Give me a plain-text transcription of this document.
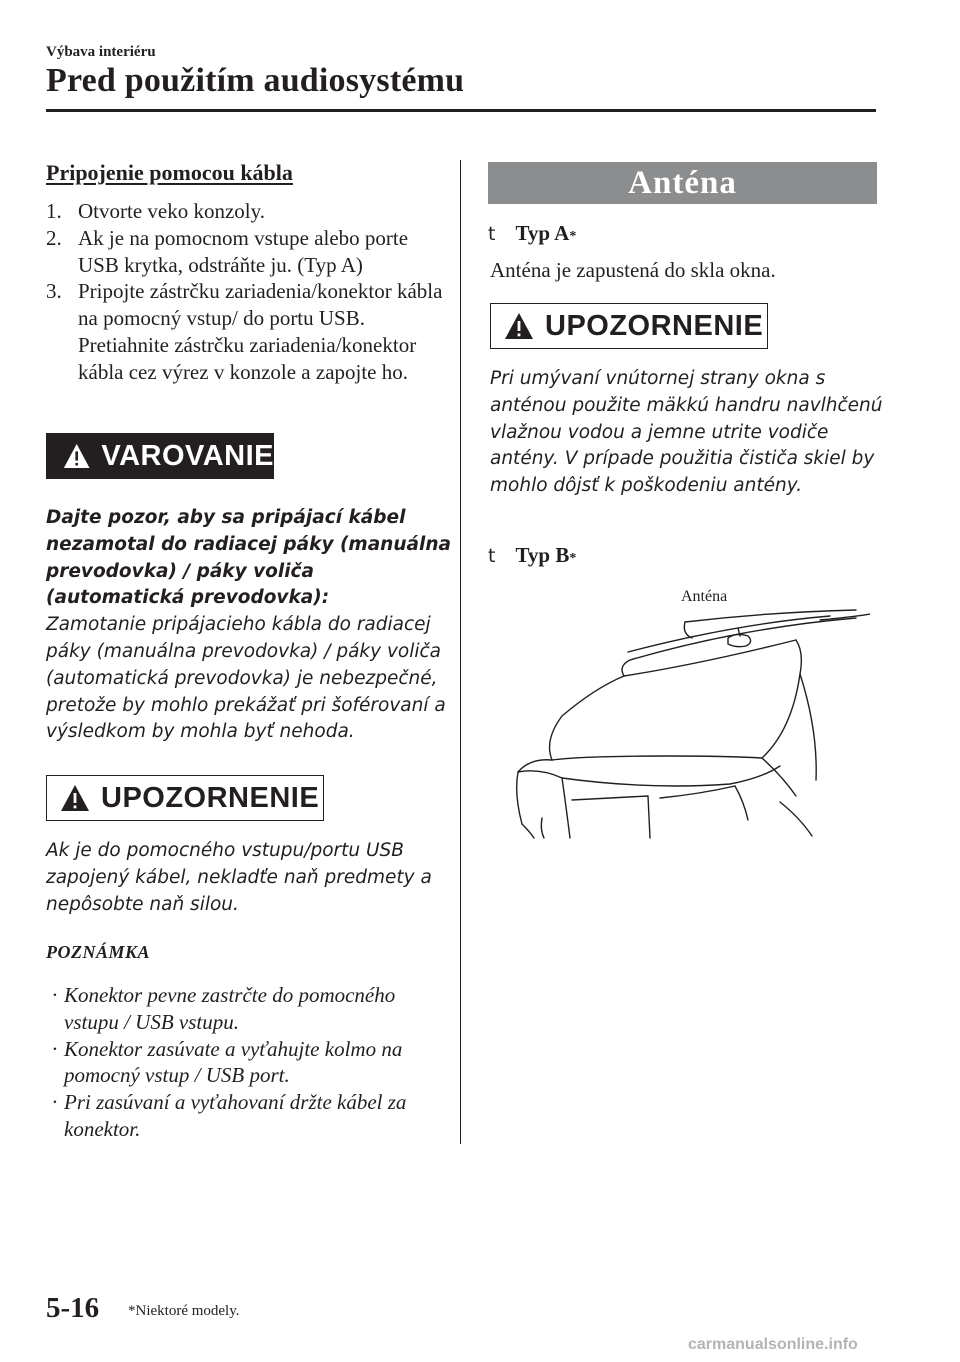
Výbava interiéru
Pred použitím audiosystému
Pripojenie pomocou kábla
1. Otvorte veko konzoly.
2. Ak je na pomocnom vstupe alebo porte USB krytka, odstráňte ju. (Typ A)
3. Pripojte zástrčku zariadenia/konektor kábla na pomocný vstup/ do portu USB. Pretiahnite zástrčku zariadenia/konektor kábla cez výrez v konzole a zapojte ho.
VAROVANIE
Dajte pozor, aby sa pripájací kábel nezamotal do radiacej páky (manuálna prevodovka) / páky voliča (automatická prevodovka):
Zamotanie pripájacieho kábla do radiacej páky (manuálna prevodovka) / páky voliča (automatická prevodovka) je nebezpečné, pretože by mohlo prekážať pri šoférovaní a výsledkom by mohla byť nehoda.
UPOZORNENIE
Ak je do pomocného vstupu/portu USB zapojený kábel, nekladťe naň predmety a nepôsobte naň silou.
POZNÁMKA
· Konektor pevne zastrčte do pomocného vstupu / USB vstupu.
· Konektor zasúvate a vyťahujte kolmo na pomocný vstup / USB port.
· Pri zasúvaní a vyťahovaní držte kábel za konektor.
Anténa
t Typ A *
Anténa je zapustená do skla okna.
UPOZORNENIE
Pri umývaní vnútornej strany okna s anténou použite mäkkú handru navlhčenú vlažnou vodou a jemne utrite vodiče antény. V prípade použitia čističa skiel by mohlo dôjsť k poškodeniu antény.
t Typ B *
Anténa
5-16 *Niektoré modely.
carmanualsonline.info
